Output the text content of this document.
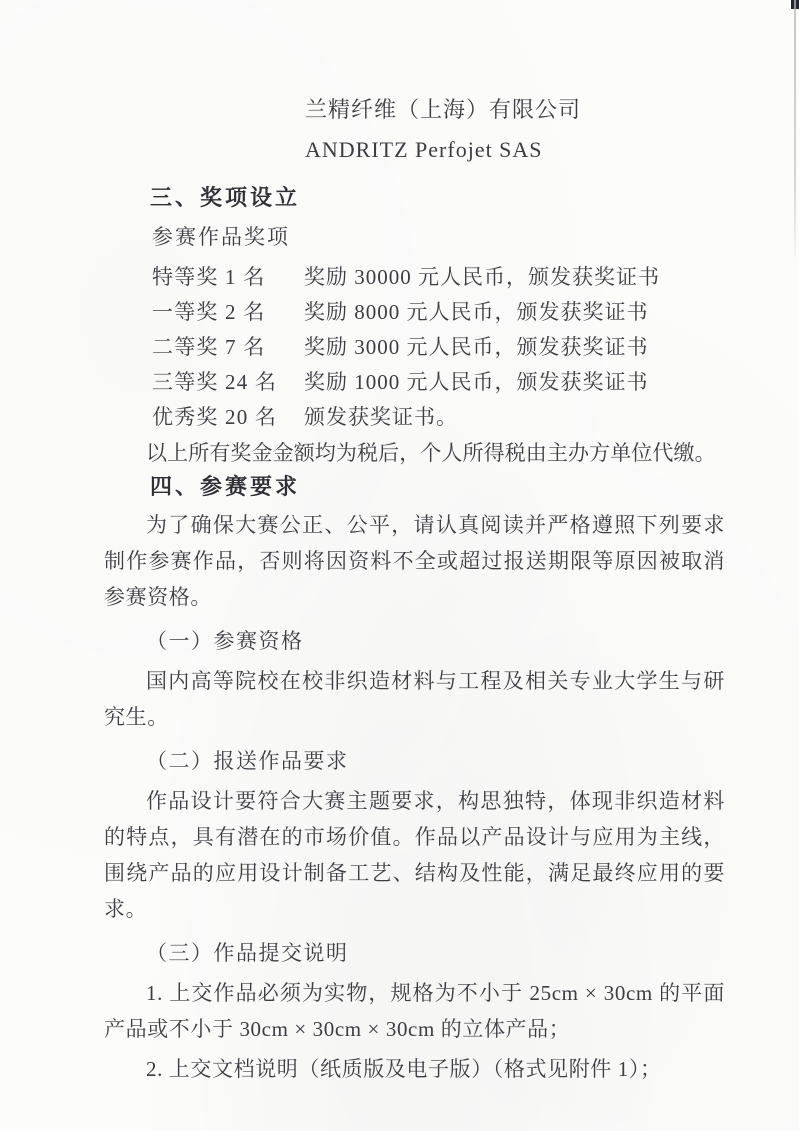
兰精纤维（上海）有限公司
ANDRITZ Perfojet SAS
三、奖项设立

参赛作品奖项

特等奖 1 名	奖励 30000 元人民币，颁发获奖证书
一等奖 2 名	奖励 8000 元人民币，颁发获奖证书
二等奖 7 名	奖励 3000 元人民币，颁发获奖证书
三等奖 24 名	奖励 1000 元人民币，颁发获奖证书
优秀奖 20 名	颁发获奖证书。

以上所有奖金金额均为税后，个人所得税由主办方单位代缴。

四、参赛要求

为了确保大赛公正、公平，请认真阅读并严格遵照下列要求制作参赛作品，否则将因资料不全或超过报送期限等原因被取消参赛资格。

（一）参赛资格

国内高等院校在校非织造材料与工程及相关专业大学生与研究生。

（二）报送作品要求

作品设计要符合大赛主题要求，构思独特，体现非织造材料的特点，具有潜在的市场价值。作品以产品设计与应用为主线，围绕产品的应用设计制备工艺、结构及性能，满足最终应用的要求。

（三）作品提交说明

1. 上交作品必须为实物，规格为不小于 25cm × 30cm 的平面产品或不小于 30cm × 30cm × 30cm 的立体产品；

2. 上交文档说明（纸质版及电子版）（格式见附件 1）；
